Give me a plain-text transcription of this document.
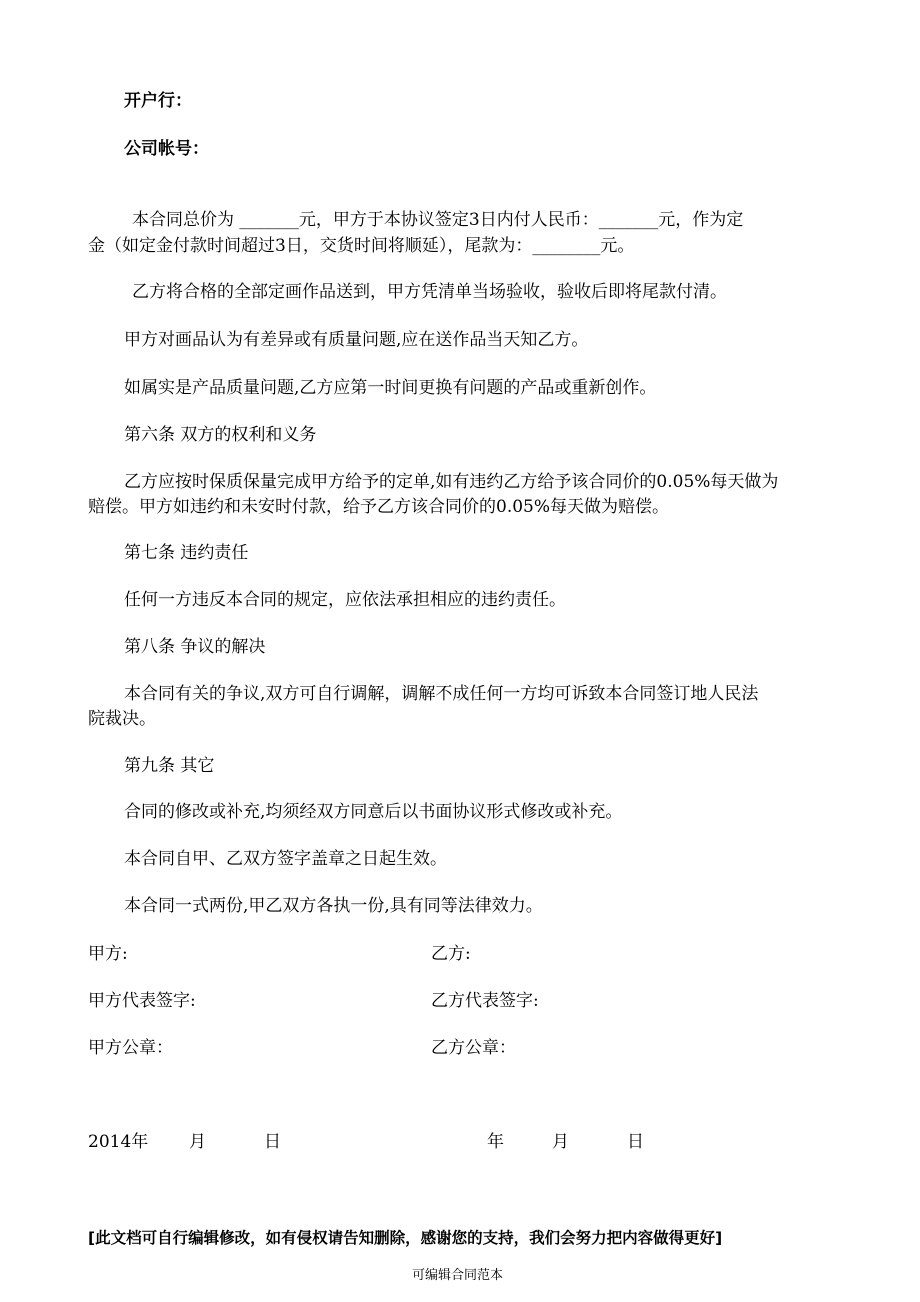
开户行：
公司帐号：
本合同总价为 _______元，甲方于本协议签定3日内付人民币：_______元，作为定
金（如定金付款时间超过3日，交货时间将顺延），尾款为：________元。
乙方将合格的全部定画作品送到，甲方凭清单当场验收，验收后即将尾款付清。
甲方对画品认为有差异或有质量问题,应在送作品当天知乙方。
如属实是产品质量问题,乙方应第一时间更换有问题的产品或重新创作。
第六条 双方的权利和义务
乙方应按时保质保量完成甲方给予的定单,如有违约乙方给予该合同价的0.05%每天做为
赔偿。甲方如违约和未安时付款，给予乙方该合同价的0.05%每天做为赔偿。
第七条 违约责任
任何一方违反本合同的规定，应依法承担相应的违约责任。
第八条 争议的解决
本合同有关的争议,双方可自行调解，调解不成任何一方均可诉致本合同签订地人民法
院裁决。
第九条 其它
合同的修改或补充,均须经双方同意后以书面协议形式修改或补充。
本合同自甲、乙双方签字盖章之日起生效。
本合同一式两份,甲乙双方各执一份,具有同等法律效力。
甲方:	乙方:
甲方代表签字:	乙方代表签字:
甲方公章：	乙方公章：
2014年 月	日	年	月	日
[此文档可自行编辑修改，如有侵权请告知删除，感谢您的支持，我们会努力把内容做得更好]
可编辑合同范本
